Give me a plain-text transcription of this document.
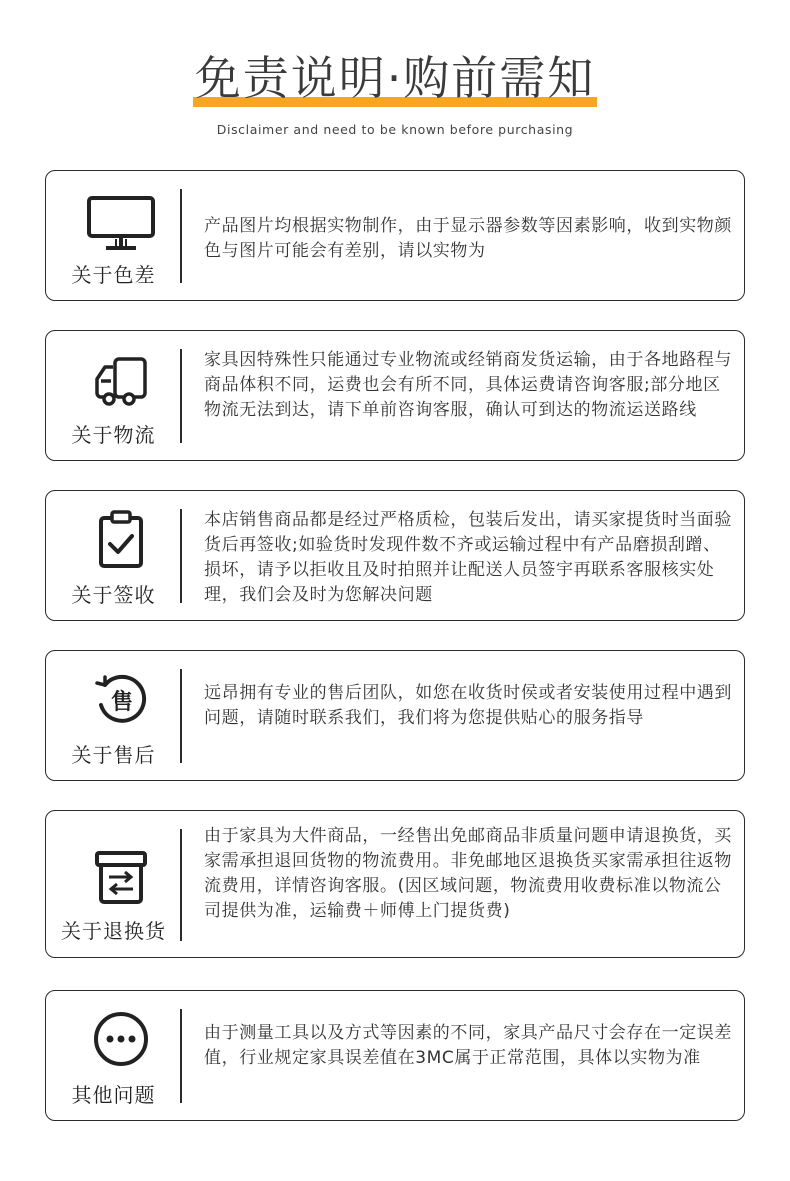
免责说明·购前需知
Disclaimer and need to be known before purchasing
关于色差
产品图片均根据实物制作，由于显示器参数等因素影响，收到实物颜色与图片可能会有差别，请以实物为
关于物流
家具因特殊性只能通过专业物流或经销商发货运输，由于各地路程与商品体积不同，运费也会有所不同，具体运费请咨询客服;部分地区物流无法到达，请下单前咨询客服，确认可到达的物流运送路线
关于签收
本店销售商品都是经过严格质检，包装后发出，请买家提货时当面验货后再签收;如验货时发现件数不齐或运输过程中有产品磨损刮蹭、损坏，请予以拒收且及时拍照并让配送人员签宇再联系客服核实处理，我们会及时为您解决问题
售
关于售后
远昂拥有专业的售后团队，如您在收货时侯或者安装使用过程中遇到问题，请随时联系我们，我们将为您提供贴心的服务指导
关于退换货
由于家具为大件商品，一经售出免邮商品非质量问题申请退换货，买家需承担退回货物的物流费用。非免邮地区退换货买家需承担往返物流费用，详情咨询客服。(因区域问题，物流费用收费标准以物流公司提供为准，运输费＋师傅上门提货费)
其他问题
由于测量工具以及方式等因素的不同，家具产品尺寸会存在一定误差值，行业规定家具误差值在3MC属于正常范围，具体以实物为准
